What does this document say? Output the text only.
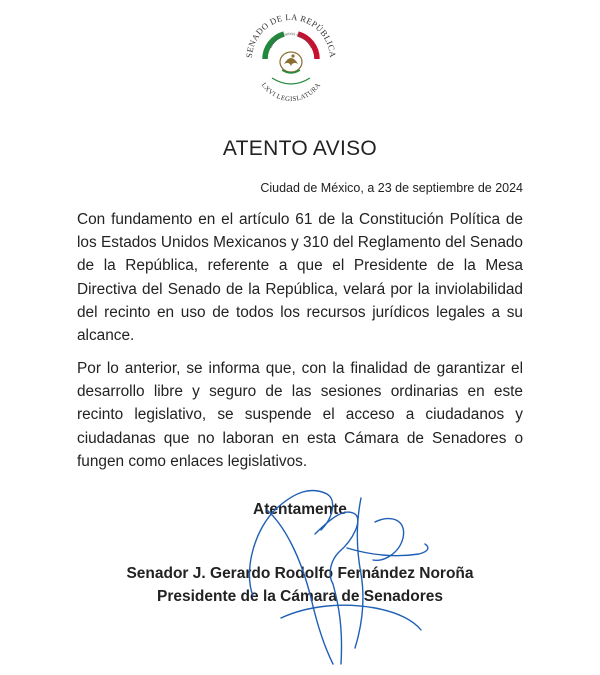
SENADO DE LA REPÚBLICA
LXVI LEGISLATURA
ESTADOS UNIDOS MEXICANOS
ATENTO AVISO
Ciudad de México, a 23 de septiembre de 2024

Con fundamento en el artículo 61 de la Constitución Política de los Estados Unidos Mexicanos y 310 del Reglamento del Senado de la República, referente a que el Presidente de la Mesa Directiva del Senado de la República, velará por la inviolabilidad del recinto en uso de todos los recursos jurídicos legales a su alcance.

Por lo anterior, se informa que, con la finalidad de garantizar el desarrollo libre y seguro de las sesiones ordinarias en este recinto legislativo, se suspende el acceso a ciudadanos y ciudadanas que no laboran en esta Cámara de Senadores o fungen como enlaces legislativos.

Atentamente
Senador J. Gerardo Rodolfo Fernández Noroña
Presidente de la Cámara de Senadores
